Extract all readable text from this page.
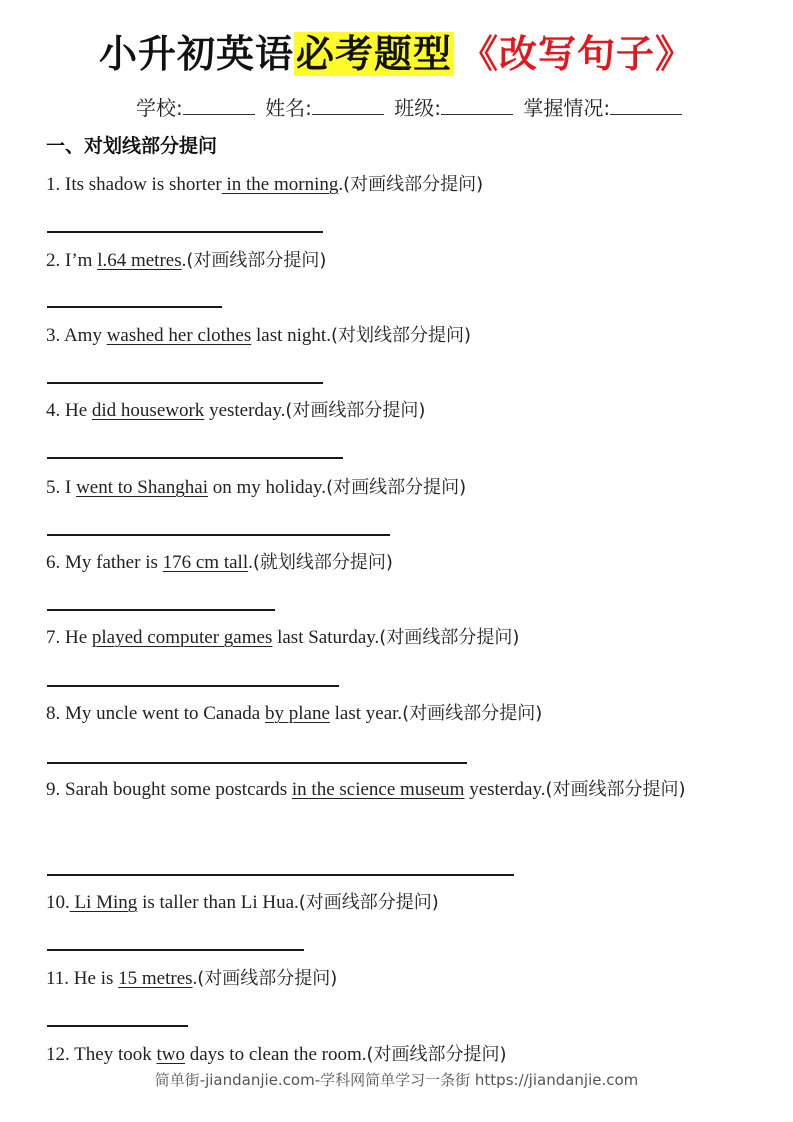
小升初英语必考题型 《改写句子》
学校:	姓名:	班级:	掌握情况:
一、对划线部分提问
1. Its shadow is shorter in the morning.(对画线部分提问)
2. I’m l.64 metres.(对画线部分提问)
3. Amy washed her clothes last night.(对划线部分提问)
4. He did housework yesterday.(对画线部分提问)
5. I went to Shanghai on my holiday.(对画线部分提问)
6. My father is 176 cm tall.(就划线部分提问)
7. He played computer games last Saturday.(对画线部分提问)
8. My uncle went to Canada by plane last year.(对画线部分提问)
9. Sarah bought some postcards in the science museum yesterday.(对画线部分提问)
10. Li Ming is taller than Li Hua.(对画线部分提问)
11. He is 15 metres.(对画线部分提问)
12. They took two days to clean the room.(对画线部分提问)
简单街-jiandanjie.com-学科网简单学习一条街 https://jiandanjie.com
